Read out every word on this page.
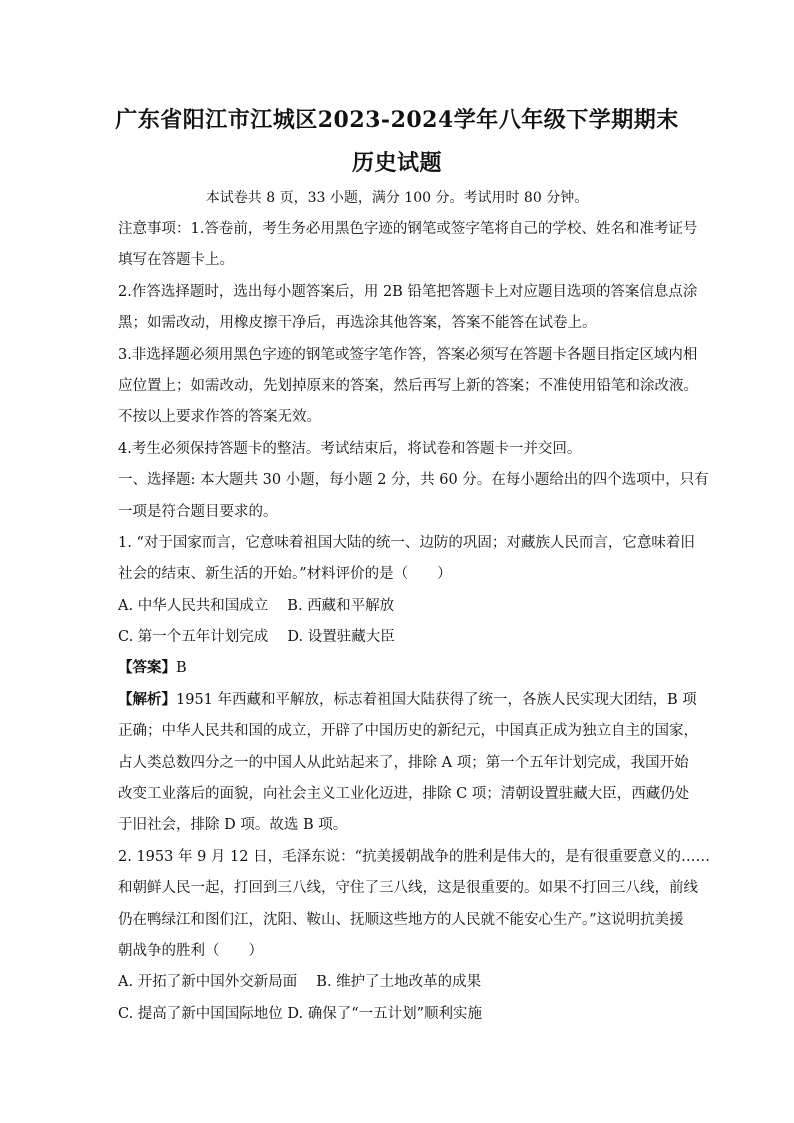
广东省阳江市江城区2023-2024学年八年级下学期期末
历史试题
本试卷共 8 页，33 小题，满分 100 分。考试用时 80 分钟。
注意事项：1.答卷前，考生务必用黑色字迹的钢笔或签字笔将自己的学校、姓名和准考证号
填写在答题卡上。
2.作答选择题时，选出每小题答案后，用 2B 铅笔把答题卡上对应题目选项的答案信息点涂
黑；如需改动，用橡皮擦干净后，再选涂其他答案，答案不能答在试卷上。
3.非选择题必须用黑色字迹的钢笔或签字笔作答，答案必须写在答题卡各题目指定区域内相
应位置上；如需改动，先划掉原来的答案，然后再写上新的答案；不准使用铅笔和涂改液。
不按以上要求作答的答案无效。
4.考生必须保持答题卡的整洁。考试结束后，将试卷和答题卡一并交回。
一、选择题: 本大题共 30 小题，每小题 2 分，共 60 分。在每小题给出的四个选项中，只有
一项是符合题目要求的。
1. “对于国家而言，它意味着祖国大陆的统一、边防的巩固；对藏族人民而言，它意味着旧
社会的结束、新生活的开始。”材料评价的是（　　）
A. 中华人民共和国成立　 B. 西藏和平解放
C. 第一个五年计划完成　 D. 设置驻藏大臣
【答案】B
【解析】1951 年西藏和平解放，标志着祖国大陆获得了统一，各族人民实现大团结，B 项
正确；中华人民共和国的成立，开辟了中国历史的新纪元，中国真正成为独立自主的国家，
占人类总数四分之一的中国人从此站起来了，排除 A 项；第一个五年计划完成，我国开始
改变工业落后的面貌，向社会主义工业化迈进，排除 C 项；清朝设置驻藏大臣，西藏仍处
于旧社会，排除 D 项。故选 B 项。
2. 1953 年 9 月 12 日，毛泽东说：“抗美援朝战争的胜利是伟大的，是有很重要意义的……
和朝鲜人民一起，打回到三八线，守住了三八线，这是很重要的。如果不打回三八线，前线
仍在鸭绿江和图们江，沈阳、鞍山、抚顺这些地方的人民就不能安心生产。”这说明抗美援
朝战争的胜利（　　）
A. 开拓了新中国外交新局面　 B. 维护了土地改革的成果
C. 提高了新中国国际地位 D. 确保了“一五计划”顺利实施
